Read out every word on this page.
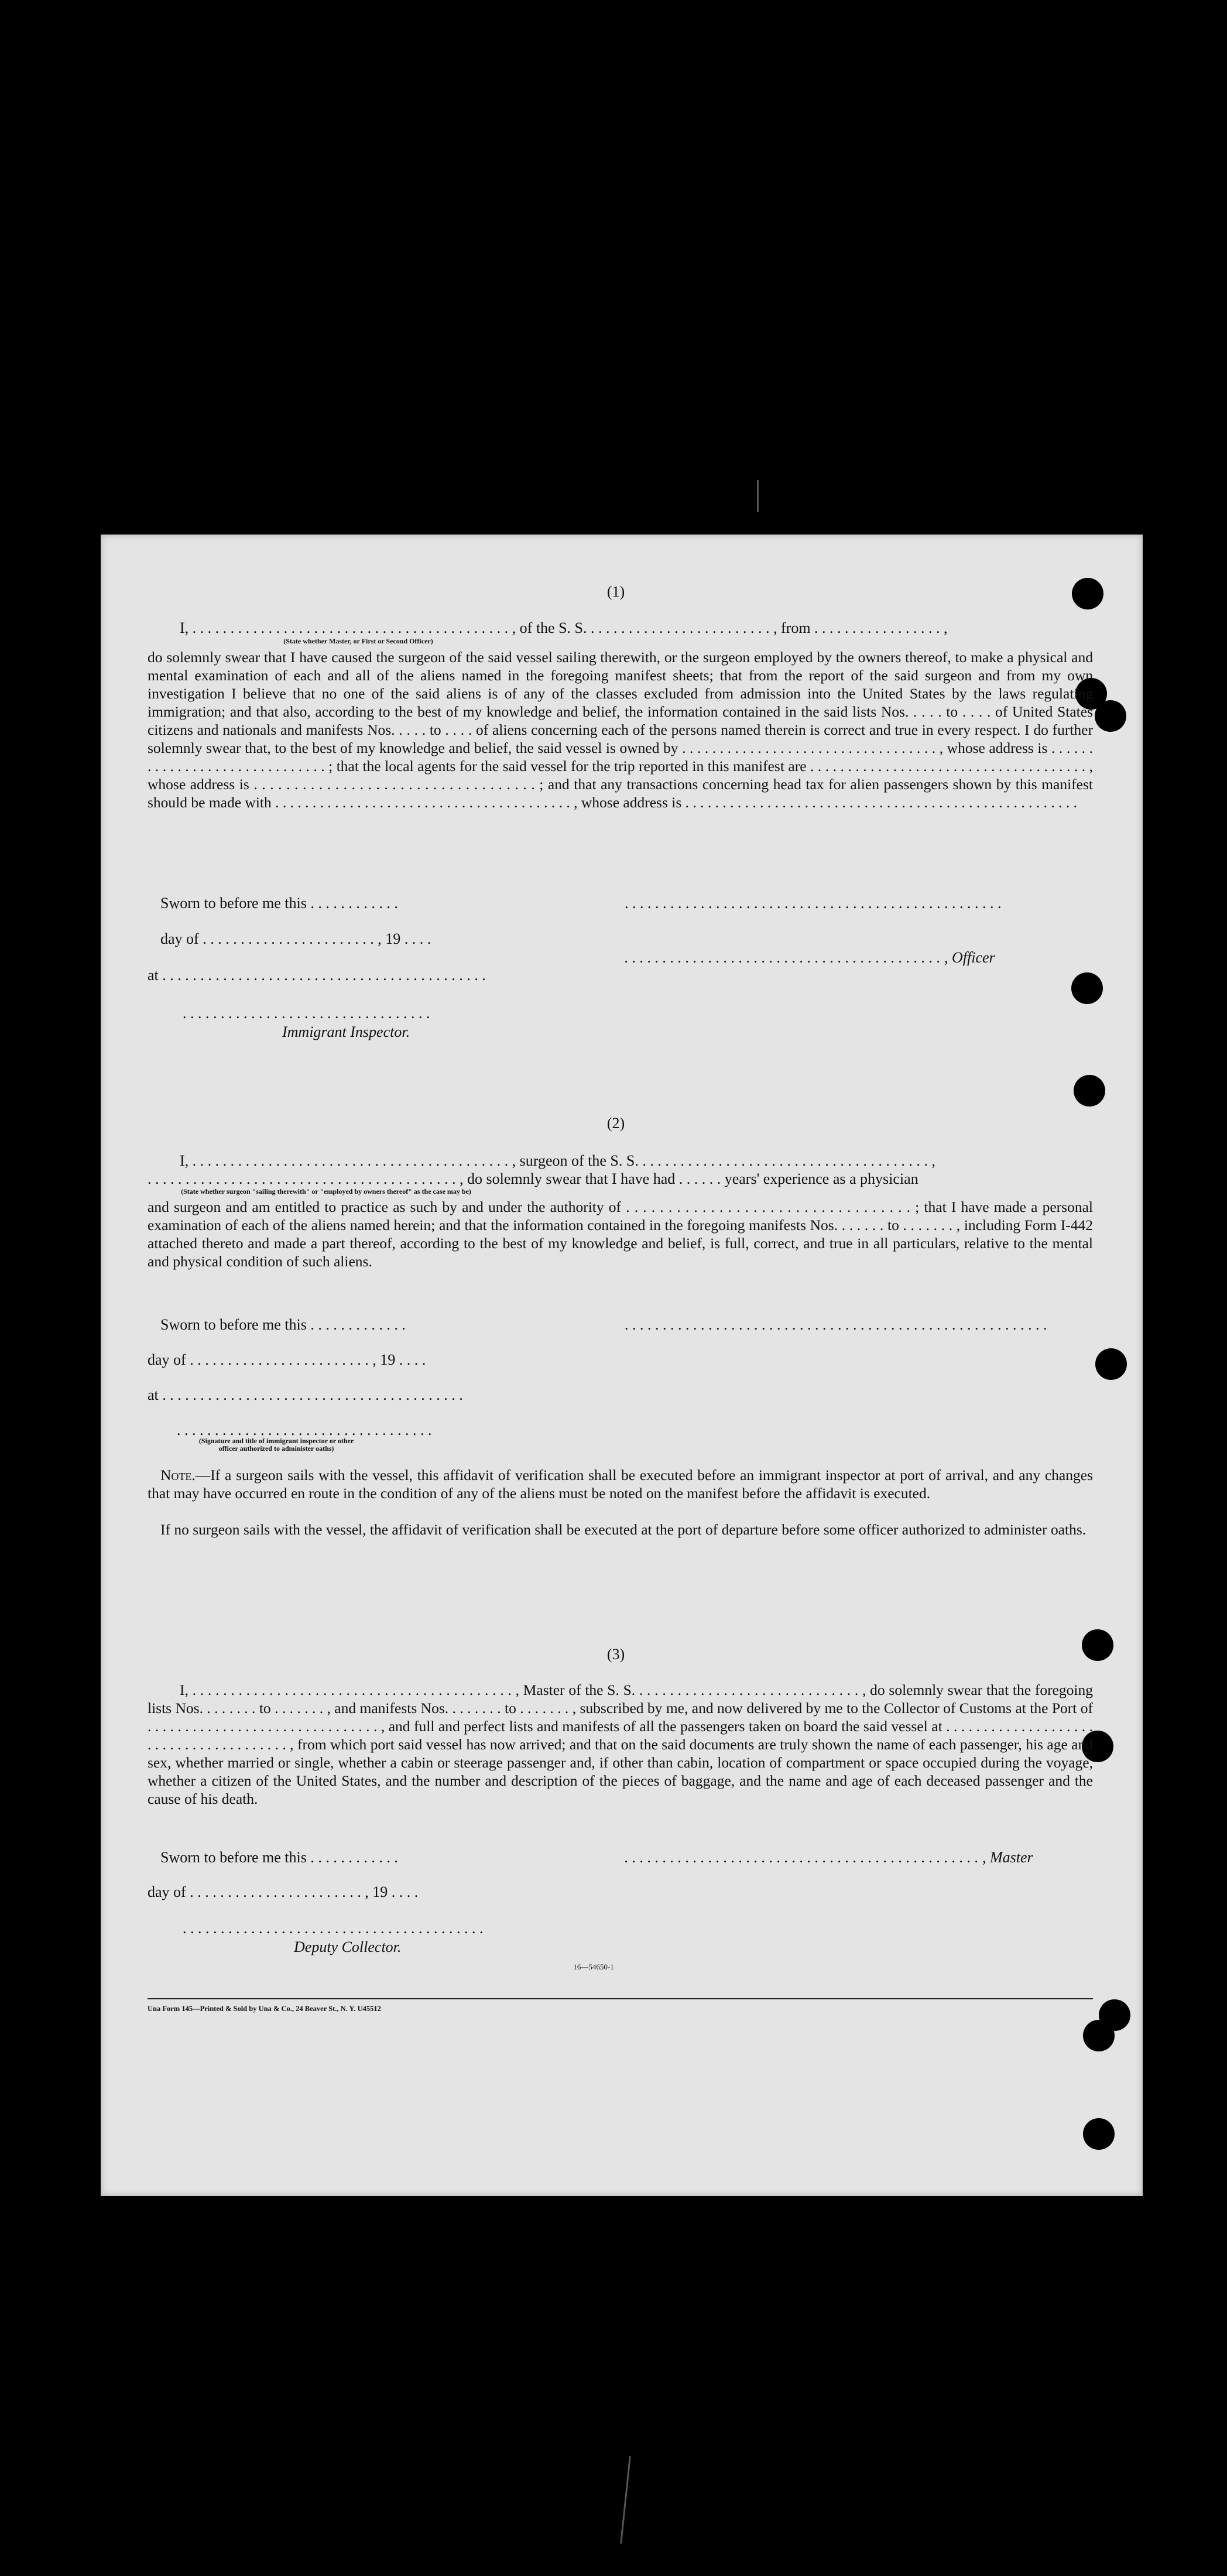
(1)
I, . . . . . . . . . . . . . . . . . . . . . . . . . . . . . . . . . . . . . . . . . . , of the S. S. . . . . . . . . . . . . . . . . . . . . . . . . , from . . . . . . . . . . . . . . . . . ,
(State whether Master, or First or Second Officer)
do solemnly swear that I have caused the surgeon of the said vessel sailing therewith, or the surgeon employed by the owners thereof, to make a physical and mental examination of each and all of the aliens named in the foregoing manifest sheets; that from the report of the said surgeon and from my own investigation I believe that no one of the said aliens is of any of the classes excluded from admission into the United States by the laws regulating immigration; and that also, according to the best of my knowledge and belief, the information contained in the said lists Nos. . . . . to . . . . of United States citizens and nationals and manifests Nos. . . . . to . . . . of aliens concerning each of the persons named therein is correct and true in every respect. I do further solemnly swear that, to the best of my knowledge and belief, the said vessel is owned by . . . . . . . . . . . . . . . . . . . . . . . . . . . . . . . . . . , whose address is . . . . . . . . . . . . . . . . . . . . . . . . . . . . . . ; that the local agents for the said vessel for the trip reported in this manifest are . . . . . . . . . . . . . . . . . . . . . . . . . . . . . . . . . . . . . , whose address is . . . . . . . . . . . . . . . . . . . . . . . . . . . . . . . . . . . ; and that any transactions concerning head tax for alien passengers shown by this manifest should be made with . . . . . . . . . . . . . . . . . . . . . . . . . . . . . . . . . . . . . . . . , whose address is . . . . . . . . . . . . . . . . . . . . . . . . . . . . . . . . . . . . . . . . . . . . . . . . . . . . .
Sworn to before me this . . . . . . . . . . . .	. . . . . . . . . . . . . . . . . . . . . . . . . . . . . . . . . . . . . . . . . . . . . . . . . .
day of . . . . . . . . . . . . . . . . . . . . . . . , 19 . . . .
. . . . . . . . . . . . . . . . . . . . . . . . . . . . . . . . . . . . . . . . . . , Officer
at . . . . . . . . . . . . . . . . . . . . . . . . . . . . . . . . . . . . . . . . . . .
. . . . . . . . . . . . . . . . . . . . . . . . . . . . . . . . .
Immigrant Inspector.
(2)
I, . . . . . . . . . . . . . . . . . . . . . . . . . . . . . . . . . . . . . . . . . . , surgeon of the S. S. . . . . . . . . . . . . . . . . . . . . . . . . . . . . . . . . . . . . . . ,
. . . . . . . . . . . . . . . . . . . . . . . . . . . . . . . . . . . . . . . . . , do solemnly swear that I have had . . . . . . years' experience as a physician
(State whether surgeon "sailing therewith" or "employed by owners thereof" as the case may be)
and surgeon and am entitled to practice as such by and under the authority of . . . . . . . . . . . . . . . . . . . . . . . . . . . . . . . . . . ; that I have made a personal examination of each of the aliens named herein; and that the information contained in the foregoing manifests Nos. . . . . . . to . . . . . . . , including Form I-442 attached thereto and made a part thereof, according to the best of my knowledge and belief, is full, correct, and true in all particulars, relative to the mental and physical condition of such aliens.
Sworn to before me this . . . . . . . . . . . . .	. . . . . . . . . . . . . . . . . . . . . . . . . . . . . . . . . . . . . . . . . . . . . . . . . . . . . . . .
day of . . . . . . . . . . . . . . . . . . . . . . . . , 19 . . . .
at . . . . . . . . . . . . . . . . . . . . . . . . . . . . . . . . . . . . . . . .
. . . . . . . . . . . . . . . . . . . . . . . . . . . . . . . . . .
(Signature and title of immigrant inspector or other officer authorized to administer oaths)
Note.—If a surgeon sails with the vessel, this affidavit of verification shall be executed before an immigrant inspector at port of arrival, and any changes that may have occurred en route in the condition of any of the aliens must be noted on the manifest before the affidavit is executed.
If no surgeon sails with the vessel, the affidavit of verification shall be executed at the port of departure before some officer authorized to administer oaths.
(3)
I, . . . . . . . . . . . . . . . . . . . . . . . . . . . . . . . . . . . . . . . . . . , Master of the S. S. . . . . . . . . . . . . . . . . . . . . . . . . . . . . . , do solemnly swear that the foregoing lists Nos. . . . . . . . to . . . . . . . , and manifests Nos. . . . . . . . to . . . . . . . , subscribed by me, and now delivered by me to the Collector of Customs at the Port of . . . . . . . . . . . . . . . . . . . . . . . . . . . . . . . , and full and perfect lists and manifests of all the passengers taken on board the said vessel at . . . . . . . . . . . . . . . . . . . . . . . . . . . . . . . . . . . . . . . , from which port said vessel has now arrived; and that on the said documents are truly shown the name of each passenger, his age and sex, whether married or single, whether a cabin or steerage passenger and, if other than cabin, location of compartment or space occupied during the voyage, whether a citizen of the United States, and the number and description of the pieces of baggage, and the name and age of each deceased passenger and the cause of his death.
Sworn to before me this . . . . . . . . . . . .	. . . . . . . . . . . . . . . . . . . . . . . . . . . . . . . . . . . . . . . . . . . . . . . , Master
day of . . . . . . . . . . . . . . . . . . . . . . . , 19 . . . .
. . . . . . . . . . . . . . . . . . . . . . . . . . . . . . . . . . . . . . . .
Deputy Collector.
16—54650-1
Una Form 145—Printed & Sold by Una & Co., 24 Beaver St., N. Y. U45512
